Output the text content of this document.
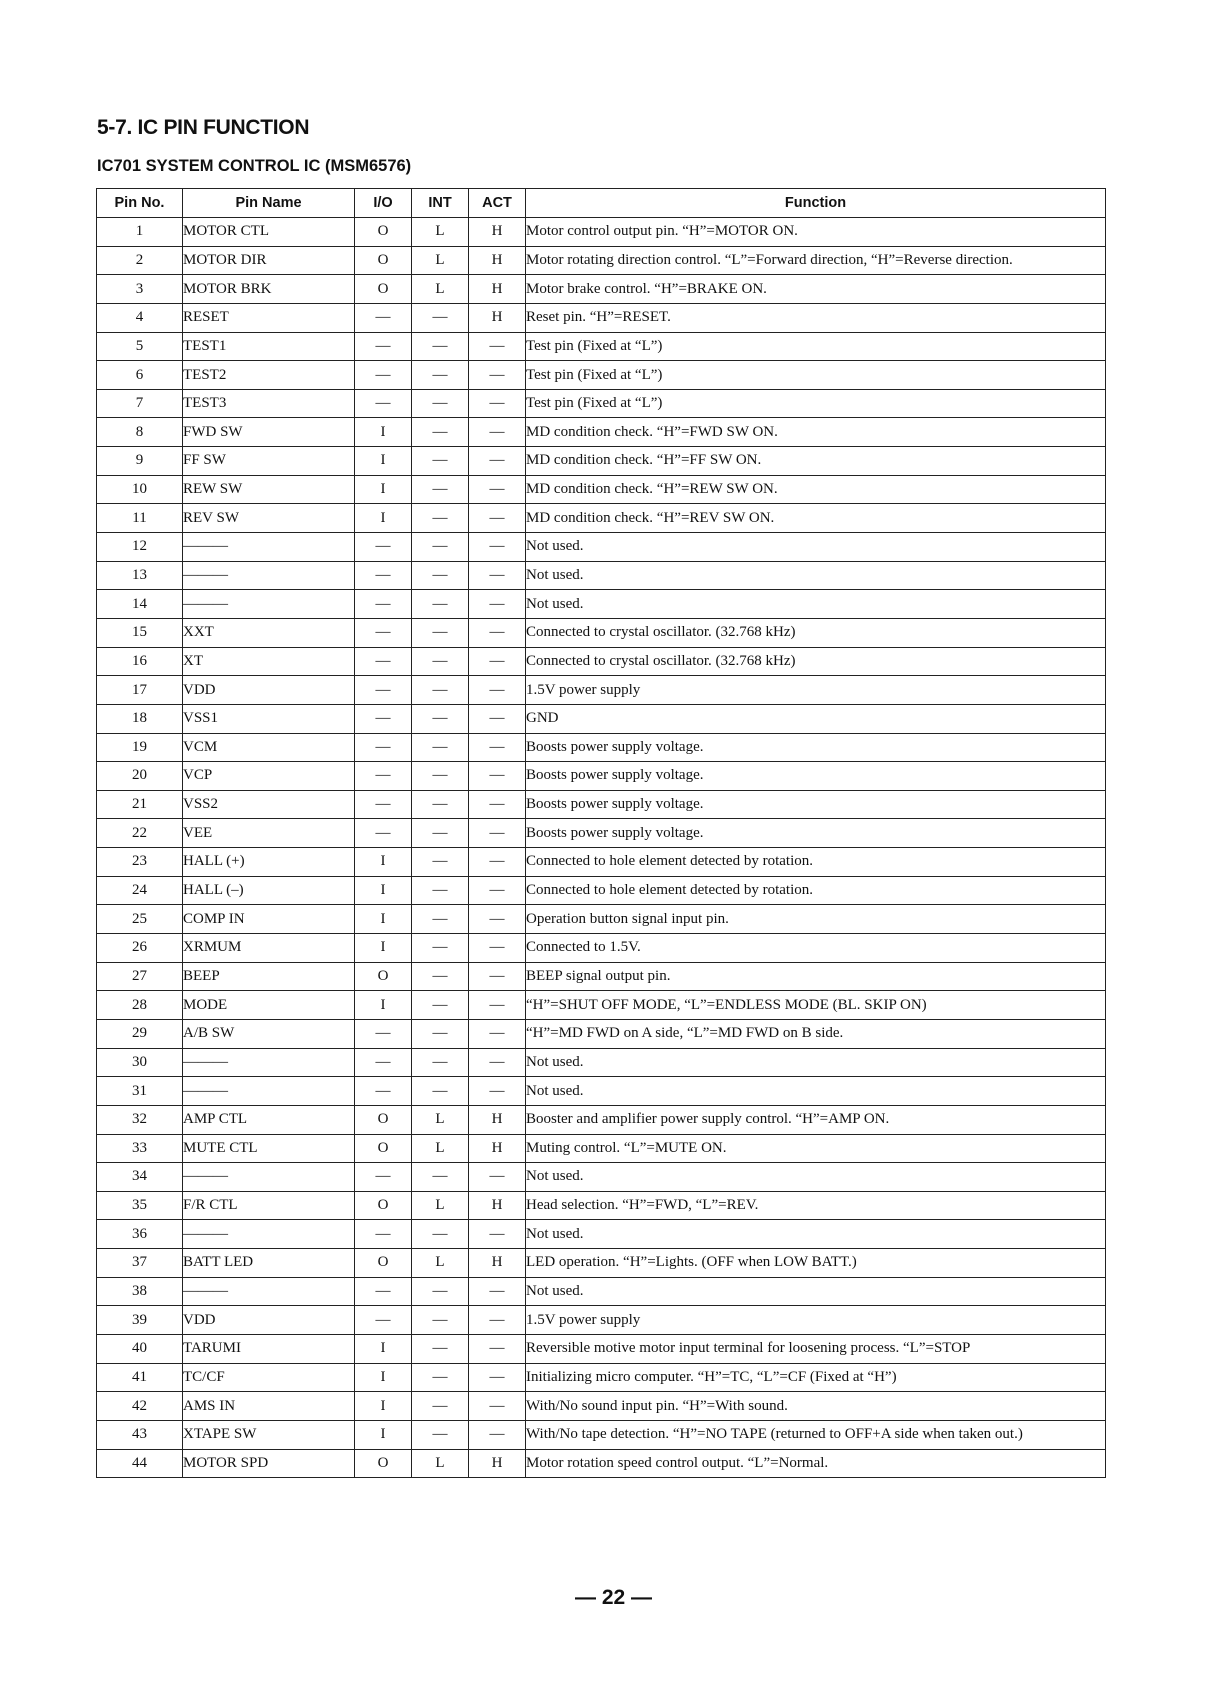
5-7. IC PIN FUNCTION
IC701 SYSTEM CONTROL IC (MSM6576)
Pin No.	Pin Name	I/O	INT	ACT	Function
1	MOTOR CTL	O	L	H	Motor control output pin. “H”=MOTOR ON.
2	MOTOR DIR	O	L	H	Motor rotating direction control. “L”=Forward direction, “H”=Reverse direction.
3	MOTOR BRK	O	L	H	Motor brake control. “H”=BRAKE ON.
4	RESET	—	—	H	Reset pin. “H”=RESET.
5	TEST1	—	—	—	Test pin (Fixed at “L”)
6	TEST2	—	—	—	Test pin (Fixed at “L”)
7	TEST3	—	—	—	Test pin (Fixed at “L”)
8	FWD SW	I	—	—	MD condition check. “H”=FWD SW ON.
9	FF SW	I	—	—	MD condition check. “H”=FF SW ON.
10	REW SW	I	—	—	MD condition check. “H”=REW SW ON.
11	REV SW	I	—	—	MD condition check. “H”=REV SW ON.
12	———	—	—	—	Not used.
13	———	—	—	—	Not used.
14	———	—	—	—	Not used.
15	XXT	—	—	—	Connected to crystal oscillator. (32.768 kHz)
16	XT	—	—	—	Connected to crystal oscillator. (32.768 kHz)
17	VDD	—	—	—	1.5V power supply
18	VSS1	—	—	—	GND
19	VCM	—	—	—	Boosts power supply voltage.
20	VCP	—	—	—	Boosts power supply voltage.
21	VSS2	—	—	—	Boosts power supply voltage.
22	VEE	—	—	—	Boosts power supply voltage.
23	HALL (+)	I	—	—	Connected to hole element detected by rotation.
24	HALL (–)	I	—	—	Connected to hole element detected by rotation.
25	COMP IN	I	—	—	Operation button signal input pin.
26	XRMUM	I	—	—	Connected to 1.5V.
27	BEEP	O	—	—	BEEP signal output pin.
28	MODE	I	—	—	“H”=SHUT OFF MODE, “L”=ENDLESS MODE (BL. SKIP ON)
29	A/B SW	—	—	—	“H”=MD FWD on A side, “L”=MD FWD on B side.
30	———	—	—	—	Not used.
31	———	—	—	—	Not used.
32	AMP CTL	O	L	H	Booster and amplifier power supply control. “H”=AMP ON.
33	MUTE CTL	O	L	H	Muting control. “L”=MUTE ON.
34	———	—	—	—	Not used.
35	F/R CTL	O	L	H	Head selection. “H”=FWD, “L”=REV.
36	———	—	—	—	Not used.
37	BATT LED	O	L	H	LED operation. “H”=Lights. (OFF when LOW BATT.)
38	———	—	—	—	Not used.
39	VDD	—	—	—	1.5V power supply
40	TARUMI	I	—	—	Reversible motive motor input terminal for loosening process. “L”=STOP
41	TC/CF	I	—	—	Initializing micro computer. “H”=TC, “L”=CF (Fixed at “H”)
42	AMS IN	I	—	—	With/No sound input pin. “H”=With sound.
43	XTAPE SW	I	—	—	With/No tape detection. “H”=NO TAPE (returned to OFF+A side when taken out.)
44	MOTOR SPD	O	L	H	Motor rotation speed control output. “L”=Normal.
— 22 —
